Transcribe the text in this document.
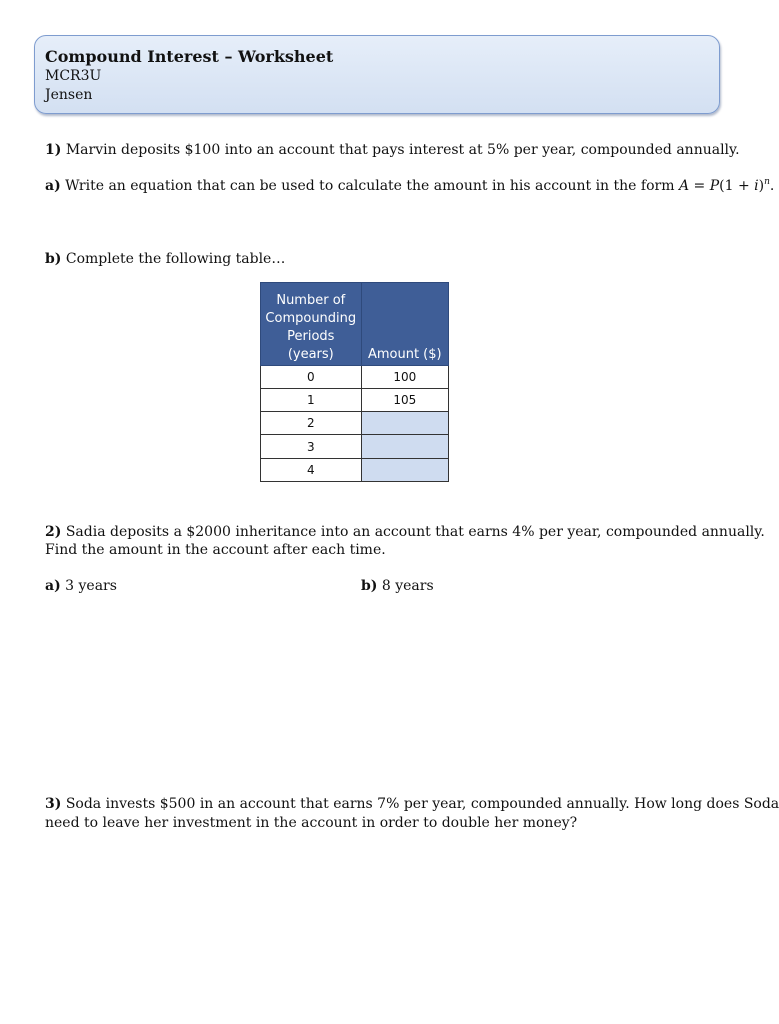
Compound Interest – Worksheet
MCR3U
Jensen
1) Marvin deposits $100 into an account that pays interest at 5% per year, compounded annually.
a) Write an equation that can be used to calculate the amount in his account in the form $A = P(1 + i)^n$.
b) Complete the following table…
Number of Compounding Periods (years)	Amount ($)
0	100
1	105
2	
3	
4	
2) Sadia deposits a $2000 inheritance into an account that earns 4% per year, compounded annually.
Find the amount in the account after each time.
a) 3 years	b) 8 years
3) Soda invests $500 in an account that earns 7% per year, compounded annually. How long does Soda
need to leave her investment in the account in order to double her money?
